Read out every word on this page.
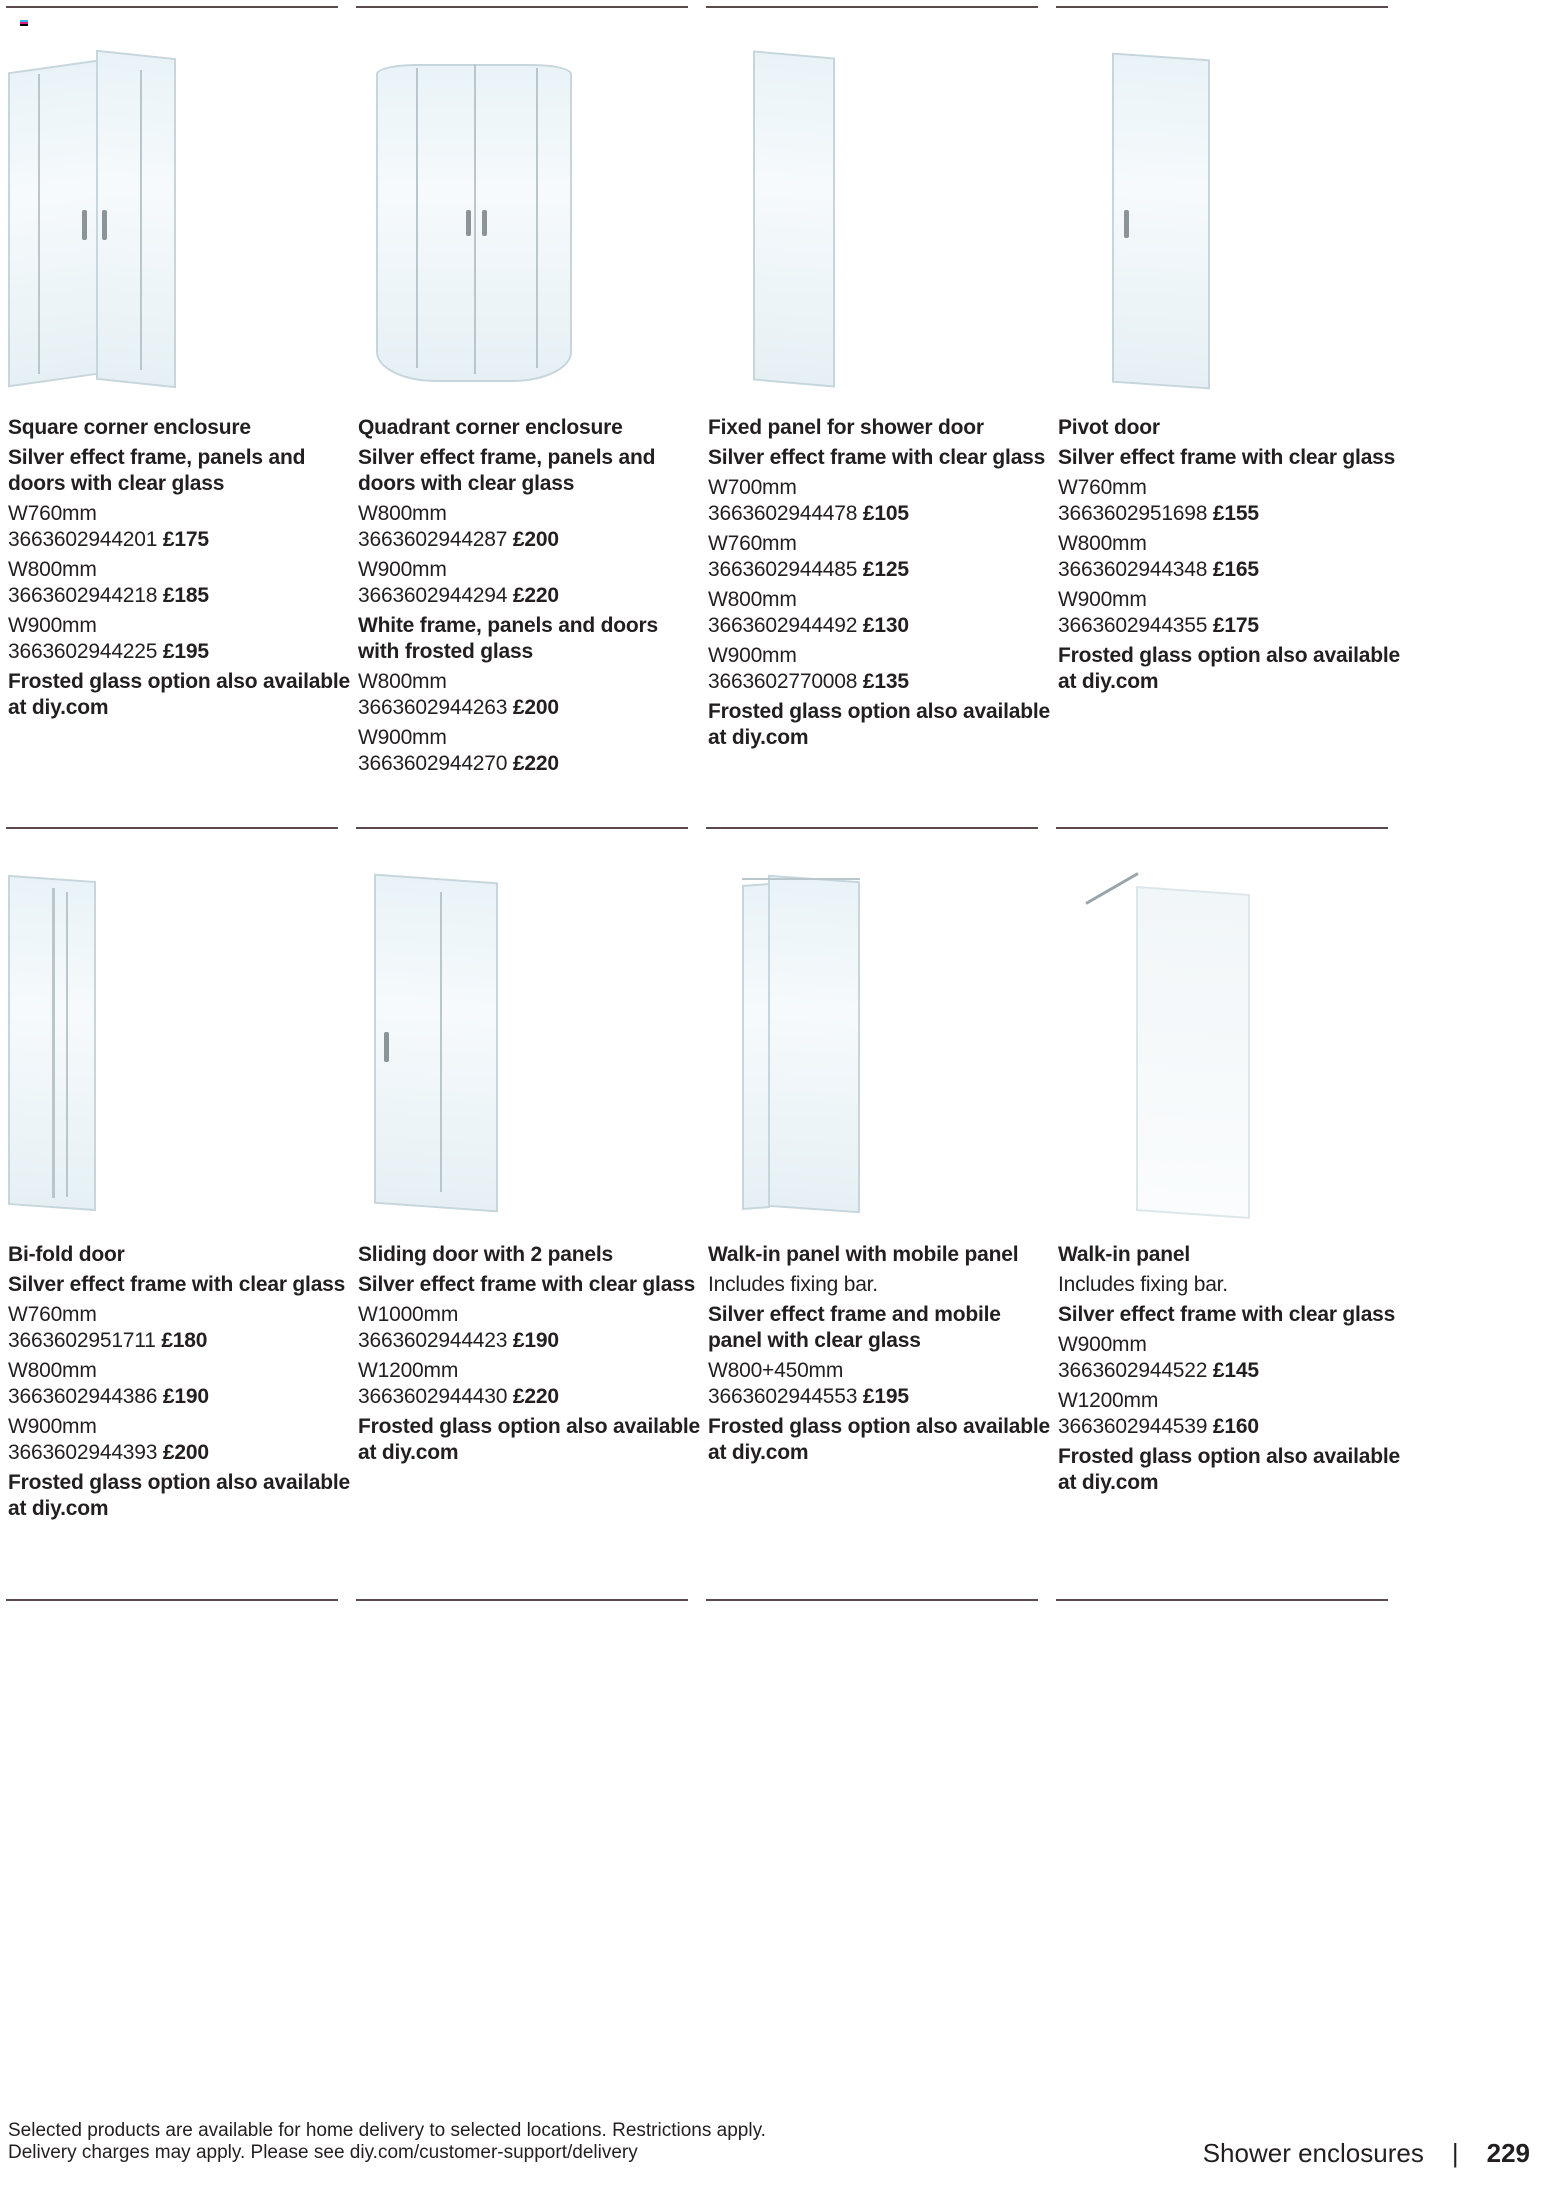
Square corner enclosure
Silver effect frame, panels and doors with clear glass
W760mm
3663602944201 £175
W800mm
3663602944218 £185
W900mm
3663602944225 £195
Frosted glass option also available at diy.com
Quadrant corner enclosure
Silver effect frame, panels and doors with clear glass
W800mm
3663602944287 £200
W900mm
3663602944294 £220
White frame, panels and doors with frosted glass
W800mm
3663602944263 £200
W900mm
3663602944270 £220
Fixed panel for shower door
Silver effect frame with clear glass
W700mm
3663602944478 £105
W760mm
3663602944485 £125
W800mm
3663602944492 £130
W900mm
3663602770008 £135
Frosted glass option also available at diy.com
Pivot door
Silver effect frame with clear glass
W760mm
3663602951698 £155
W800mm
3663602944348 £165
W900mm
3663602944355 £175
Frosted glass option also available at diy.com
Bi-fold door
Silver effect frame with clear glass
W760mm
3663602951711 £180
W800mm
3663602944386 £190
W900mm
3663602944393 £200
Frosted glass option also available at diy.com
Sliding door with 2 panels
Silver effect frame with clear glass
W1000mm
3663602944423 £190
W1200mm
3663602944430 £220
Frosted glass option also available at diy.com
Walk-in panel with mobile panel
Includes fixing bar.
Silver effect frame and mobile panel with clear glass
W800+450mm
3663602944553 £195
Frosted glass option also available at diy.com
Walk-in panel
Includes fixing bar.
Silver effect frame with clear glass
W900mm
3663602944522 £145
W1200mm
3663602944539 £160
Frosted glass option also available at diy.com
Selected products are available for home delivery to selected locations. Restrictions apply.
Delivery charges may apply. Please see diy.com/customer-support/delivery	Shower enclosures	|	229
